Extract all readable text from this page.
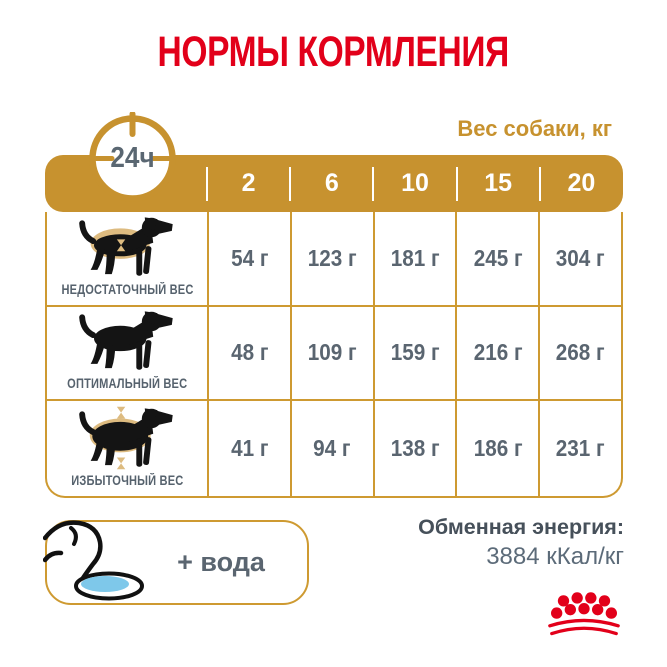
НОРМЫ КОРМЛЕНИЯ
Вес собаки, кг
2	6	10	15	20
24ч
НЕДОСТАТОЧНЫЙ ВЕС
54 г 123 г 181 г 245 г 304 г
ОПТИМАЛЬНЫЙ ВЕС
48 г 109 г 159 г 216 г 268 г
ИЗБЫТОЧНЫЙ ВЕС
41 г 94 г 138 г 186 г 231 г
+ вода
Обменная энергия:
3884 кКал/кг
